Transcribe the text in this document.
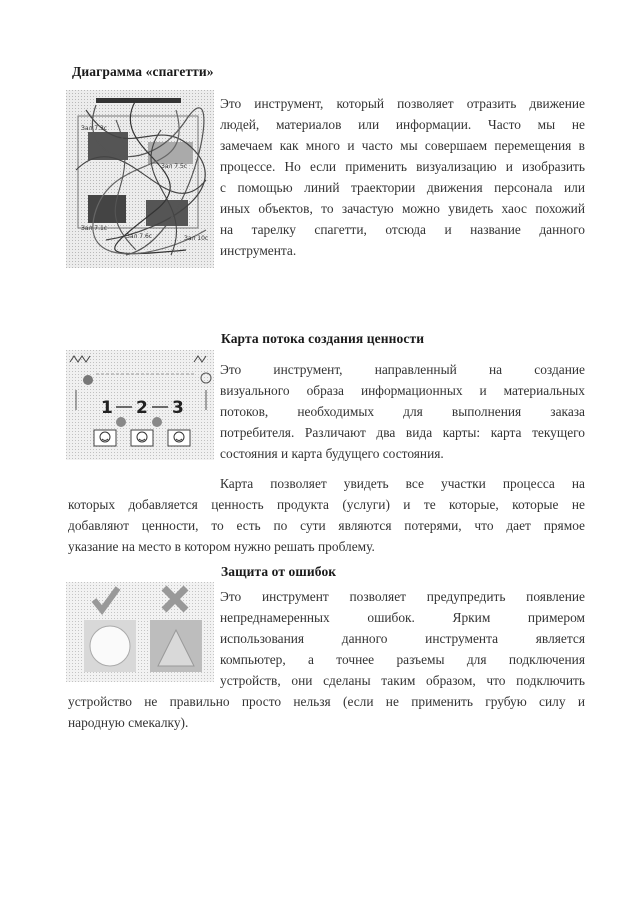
Диаграмма «спагетти»
Зал 7.5с
Зал 7.3с
Зал 7.1с
Зал 7.6с	Зал 10с

Это инструмент, который позволяет отразить движение

людей, материалов или информации. Часто мы не

замечаем как много и часто мы совершаем перемещения в

процессе. Но если применить визуализацию и изобразить

с помощью линий траектории движения персонала или

иных объектов, то зачастую можно увидеть хаос похожий

на тарелку спагетти, отсюда и название данного

инструмента.

Карта потока создания ценности
1 2 3

Это инструмент, направленный на создание

визуального образа информационных и материальных

потоков, необходимых для выполнения заказа

потребителя. Различают два вида карты: карта текущего

состояния и карта будущего состояния.

Карта позволяет увидеть все участки процесса на

которых добавляется ценность продукта (услуги) и те которые, которые не

добавляют ценности, то есть по сути являются потерями, что дает прямое

указание на место в котором нужно решать проблему.

Защита от ошибок

Это инструмент позволяет предупредить появление

непреднамеренных ошибок. Ярким примером

использования данного инструмента является

компьютер, а точнее разъемы для подключения

устройств, они сделаны таким образом, что подключить

устройство не правильно просто нельзя (если не применить грубую силу и

народную смекалку).
